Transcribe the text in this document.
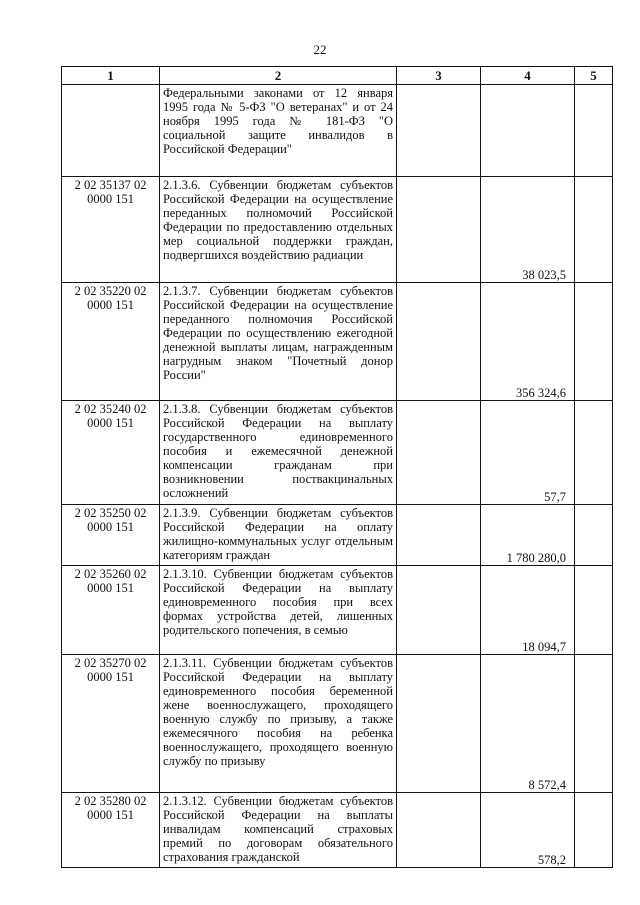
22
1	2	3	4	5
	Федеральными законами от 12 января 1995 года № 5-ФЗ "О ветеранах" и от 24 ноября 1995 года № 181-ФЗ "О социальной защите инвалидов в Российской Федерации"			
2 02 35137 02 0000 151	2.1.3.6. Субвенции бюджетам субъектов Российской Федерации на осуществление переданных полномочий Российской Федерации по предоставлению отдельных мер социальной поддержки граждан, подвергшихся воздействию радиации		38 023,5	
2 02 35220 02 0000 151	2.1.3.7. Субвенции бюджетам субъектов Российской Федерации на осуществление переданного полномочия Российской Федерации по осуществлению ежегодной денежной выплаты лицам, награжденным нагрудным знаком "Почетный донор России"		356 324,6	
2 02 35240 02 0000 151	2.1.3.8. Субвенции бюджетам субъектов Российской Федерации на выплату государственного единовременного пособия и ежемесячной денежной компенсации гражданам при возникновении поствакцинальных осложнений		57,7	
2 02 35250 02 0000 151	2.1.3.9. Субвенции бюджетам субъектов Российской Федерации на оплату жилищно-коммунальных услуг отдельным категориям граждан		1 780 280,0	
2 02 35260 02 0000 151	2.1.3.10. Субвенции бюджетам субъектов Российской Федерации на выплату единовременного пособия при всех формах устройства детей, лишенных родительского попечения, в семью		18 094,7	
2 02 35270 02 0000 151	2.1.3.11. Субвенции бюджетам субъектов Российской Федерации на выплату единовременного пособия беременной жене военнослужащего, проходящего военную службу по призыву, а также ежемесячного пособия на ребенка военнослужащего, проходящего военную службу по призыву		8 572,4	
2 02 35280 02 0000 151	2.1.3.12. Субвенции бюджетам субъектов Российской Федерации на выплаты инвалидам компенсаций страховых премий по договорам обязательного страхования гражданской		578,2	
